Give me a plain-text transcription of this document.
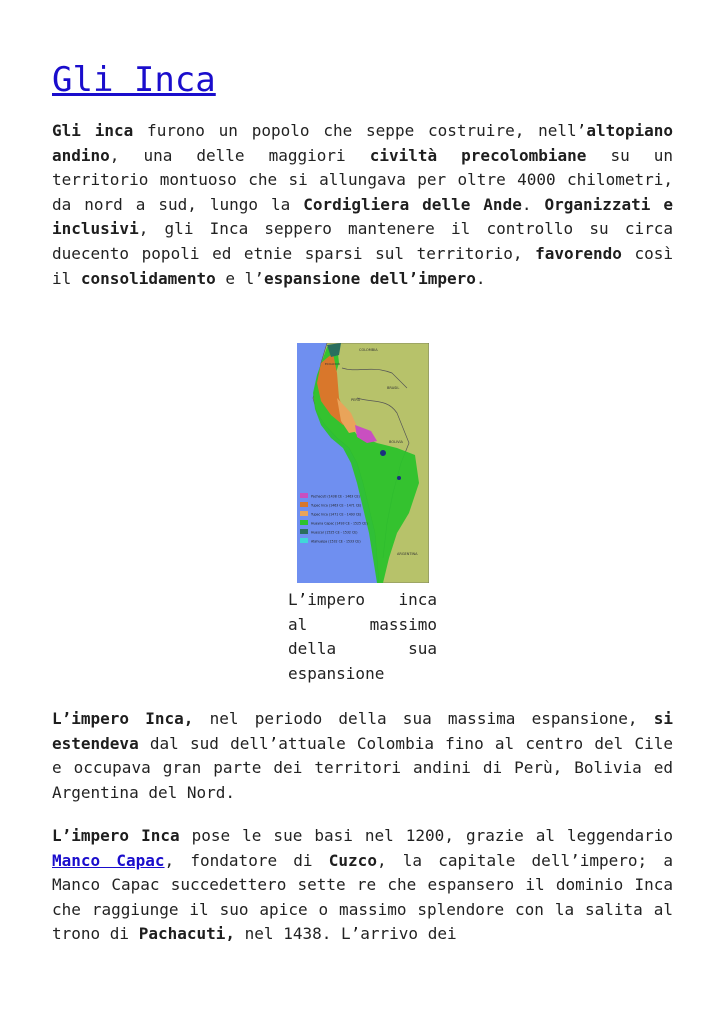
Gli Inca

Gli inca furono un popolo che seppe costruire, nell’altopiano andino, una delle maggiori civiltà precolombiane su un territorio montuoso che si allungava per oltre 4000 chilometri, da nord a sud, lungo la Cordigliera delle Ande. Organizzati e inclusivi, gli Inca seppero mantenere il controllo su circa duecento popoli ed etnie sparsi sul territorio, favorendo così il consolidamento e l’espansione dell’impero.

COLOMBIA
ECUADOR
BRASIL
PERÚ
BOLIVIA
ARGENTINA
Pachacuti (1438 CE - 1463 CE)
Tupac Inca (1463 CE - 1471 CE)
Tupac Inca (1471 CE - 1493 CE)
Huayna Capac (1493 CE - 1525 CE)
Huascar (1525 CE - 1532 CE)
Atahualpa (1532 CE - 1533 CE)
L’impero inca al massimo della sua espansione

L’impero Inca, nel periodo della sua massima espansione, si estendeva dal sud dell’attuale Colombia fino al centro del Cile e occupava gran parte dei territori andini di Perù, Bolivia ed Argentina del Nord.

L’impero Inca pose le sue basi nel 1200, grazie al leggendario Manco Capac, fondatore di Cuzco, la capitale dell’impero; a Manco Capac succedettero sette re che espansero il dominio Inca che raggiunge il suo apice o massimo splendore con la salita al trono di Pachacuti, nel 1438. L’arrivo dei
